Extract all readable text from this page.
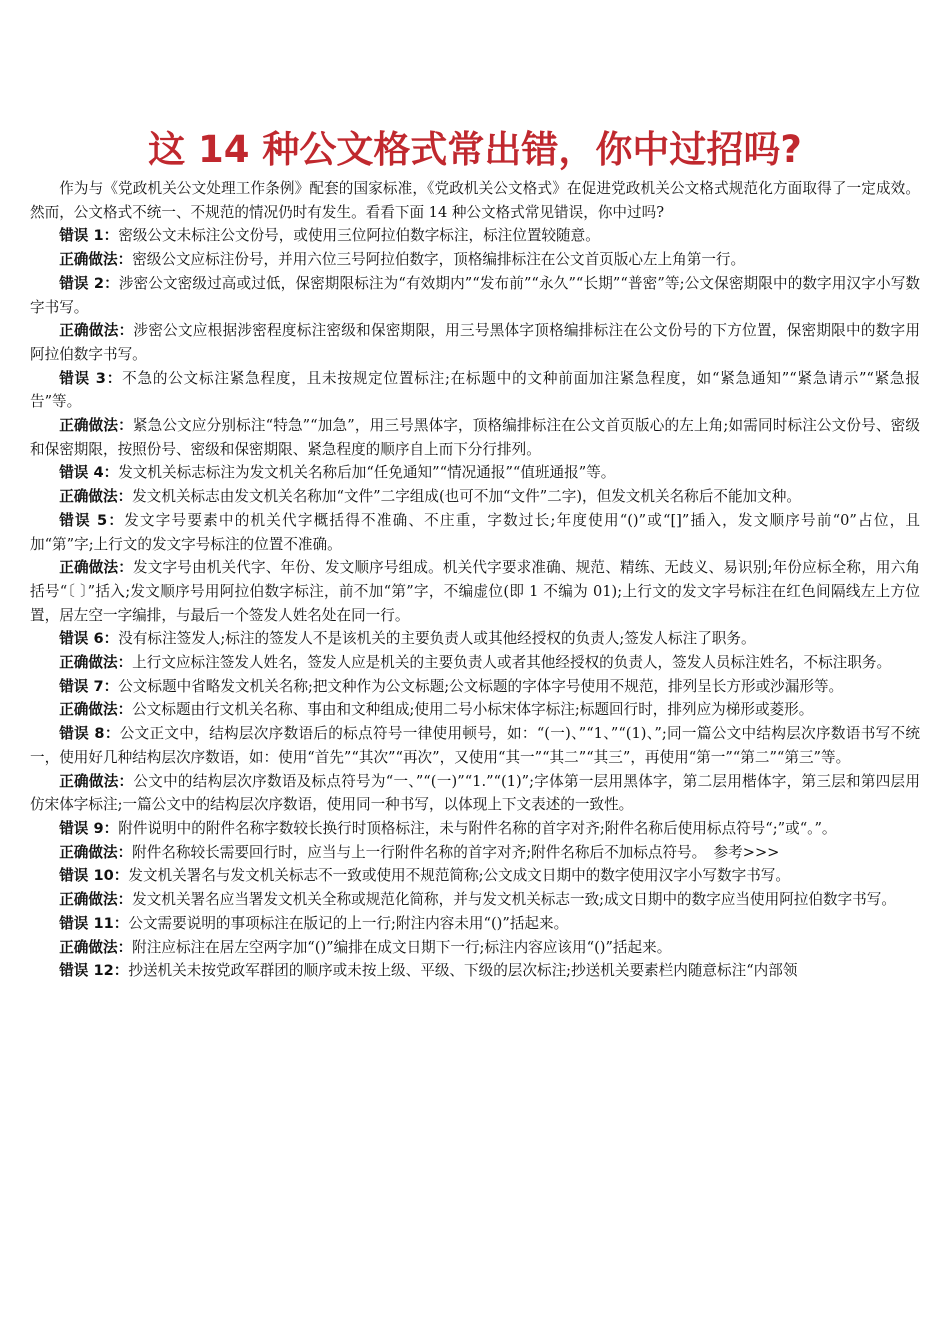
这 14 种公文格式常出错，你中过招吗?

作为与《党政机关公文处理工作条例》配套的国家标准，《党政机关公文格式》在促进党政机关公文格式规范化方面取得了一定成效。然而，公文格式不统一、不规范的情况仍时有发生。看看下面 14 种公文格式常见错误，你中过吗?

错误 1：密级公文未标注公文份号，或使用三位阿拉伯数字标注，标注位置较随意。

正确做法：密级公文应标注份号，并用六位三号阿拉伯数字，顶格编排标注在公文首页版心左上角第一行。

错误 2：涉密公文密级过高或过低，保密期限标注为“有效期内”“发布前”“永久”“长期”“普密”等;公文保密期限中的数字用汉字小写数字书写。

正确做法：涉密公文应根据涉密程度标注密级和保密期限，用三号黑体字顶格编排标注在公文份号的下方位置，保密期限中的数字用阿拉伯数字书写。

错误 3：不急的公文标注紧急程度，且未按规定位置标注;在标题中的文种前面加注紧急程度，如“紧急通知”“紧急请示”“紧急报告”等。

正确做法：紧急公文应分别标注“特急”“加急”，用三号黑体字，顶格编排标注在公文首页版心的左上角;如需同时标注公文份号、密级和保密期限，按照份号、密级和保密期限、紧急程度的顺序自上而下分行排列。

错误 4：发文机关标志标注为发文机关名称后加“任免通知”“情况通报”“值班通报”等。

正确做法：发文机关标志由发文机关名称加“文件”二字组成(也可不加“文件”二字)，但发文机关名称后不能加文种。

错误 5：发文字号要素中的机关代字概括得不准确、不庄重，字数过长;年度使用“()”或“[]”插入，发文顺序号前“0”占位，且加“第”字;上行文的发文字号标注的位置不准确。

正确做法：发文字号由机关代字、年份、发文顺序号组成。机关代字要求准确、规范、精练、无歧义、易识别;年份应标全称，用六角括号“〔 〕”括入;发文顺序号用阿拉伯数字标注，前不加“第”字，不编虚位(即 1 不编为 01);上行文的发文字号标注在红色间隔线左上方位置，居左空一字编排，与最后一个签发人姓名处在同一行。

错误 6：没有标注签发人;标注的签发人不是该机关的主要负责人或其他经授权的负责人;签发人标注了职务。

正确做法：上行文应标注签发人姓名，签发人应是机关的主要负责人或者其他经授权的负责人，签发人员标注姓名，不标注职务。

错误 7：公文标题中省略发文机关名称;把文种作为公文标题;公文标题的字体字号使用不规范，排列呈长方形或沙漏形等。

正确做法：公文标题由行文机关名称、事由和文种组成;使用二号小标宋体字标注;标题回行时，排列应为梯形或菱形。

错误 8：公文正文中，结构层次序数语后的标点符号一律使用顿号，如：“(一)、”“1、”“(1)、”;同一篇公文中结构层次序数语书写不统一，使用好几种结构层次序数语，如：使用“首先”“其次”“再次”，又使用“其一”“其二”“其三”，再使用“第一”“第二”“第三”等。

正确做法：公文中的结构层次序数语及标点符号为“一、”“(一)”“1.”“(1)”;字体第一层用黑体字，第二层用楷体字，第三层和第四层用仿宋体字标注;一篇公文中的结构层次序数语，使用同一种书写，以体现上下文表述的一致性。

错误 9：附件说明中的附件名称字数较长换行时顶格标注，未与附件名称的首字对齐;附件名称后使用标点符号“;”或“。”。

正确做法：附件名称较长需要回行时，应当与上一行附件名称的首字对齐;附件名称后不加标点符号。　参考>>>

错误 10：发文机关署名与发文机关标志不一致或使用不规范简称;公文成文日期中的数字使用汉字小写数字书写。

正确做法：发文机关署名应当署发文机关全称或规范化简称，并与发文机关标志一致;成文日期中的数字应当使用阿拉伯数字书写。

错误 11：公文需要说明的事项标注在版记的上一行;附注内容未用“()”括起来。

正确做法：附注应标注在居左空两字加“()”编排在成文日期下一行;标注内容应该用“()”括起来。

错误 12：抄送机关未按党政军群团的顺序或未按上级、平级、下级的层次标注;抄送机关要素栏内随意标注“内部领
